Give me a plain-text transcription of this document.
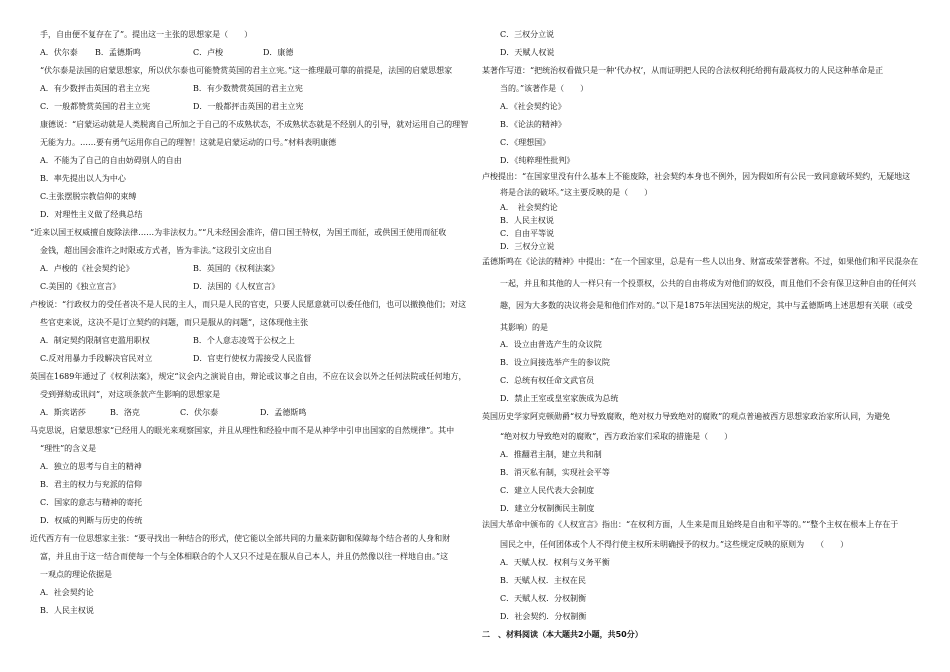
手，自由便不复存在了”。提出这一主张的思想家是（　　）
A．伏尔泰 B．孟德斯鸣	C．卢梭	D．康德
“伏尔泰是法国的启蒙思想家，所以伏尔泰也可能赞赏英国的君主立宪。”这一推理最可靠的前提是，法国的启蒙思想家
A．有少数抨击英国的君主立宪	B．有少数赞赏英国的君主立宪
C．一般都赞赏英国的君主立宪	D．一般都抨击英国的君主立宪
康德说：“启蒙运动就是人类脱离自己所加之于自己的不成熟状态，不成熟状态就是不经别人的引导，就对运用自己的理智
无能为力。……要有勇气运用你自己的理智！这就是启蒙运动的口号。”材料表明康德
A．不能为了自己的自由妨碍别人的自由
B．率先提出以人为中心
C.主张摆脱宗教信仰的束缚
D．对理性主义做了经典总结
“近来以国王权威擅自废除法律……为非法权力。”“凡未经国会准许，借口国王特权，为国王而征，或供国王使用而征收
金钱，超出国会准许之时限或方式者，皆为非法。”这段引文应出自
A．卢梭的《社会契约论》	B．英国的《权利法案》
C.美国的《独立宣言》	D．法国的《人权宣言》
卢梭说：“行政权力的受任者决不是人民的主人，而只是人民的官吏，只要人民愿意就可以委任他们，也可以撤换他们；对这
些官吏来说，这决不是订立契约的问题，而只是服从的问题”，这体现他主张
A．制定契约限制官吏滥用职权	B．个人意志凌驾于公权之上
C.反对用暴力手段解决官民对立	D．官吏行使权力需接受人民监督
英国在1689年通过了《权利法案》，规定“议会内之演说自由，辩论或议事之自由，不应在议会以外之任何法院或任何地方，
受到弹劾或讯问”，对这项条款产生影响的思想家是
A．斯宾诺莎	B．洛克	C．伏尔泰	D．孟德斯鸣
马克思说，启蒙思想家“已经用人的眼光来观察国家，并且从理性和经验中而不是从神学中引申出国家的自然规律”。其中
“理性”的含义是
A．独立的思考与自主的精神
B．君主的权力与兖派的信仰
C．国家的意志与精神的寄托
D．权威的判断与历史的传统
近代西方有一位思想家主张：“要寻找出一种结合的形式，使它能以全部共同的力量来防御和保障每个结合者的人身和财
富，并且由于这一结合而使每一个与全体相联合的个人又只不过是在服从自己本人，并且仍然像以往一样地自由。”这
一观点的理论依据是
A．社会契约论
B．人民主权说
C．三权分立说
D．天赋人权说
某著作写道：“把统治权看做只是一种‘代办权’，从而证明把人民的合法权利托给拥有最高权力的人民这种革命是正
当的。”该著作是（　　）
A．《社会契约论》
B．《论法的精神》
C．《理想国》
D．《纯粹理性批判》
卢梭提出：“在国家里没有什么基本上不能废除，社会契约本身也不例外，因为假如所有公民一致同意破坏契约，无疑地这
将是合法的破坏。”这主要反映的是（　　）
A．　社会契约论
B．人民主权说
C．自由平等说
D．三权分立说
孟德斯鸣在《论法的精神》中提出：“在一个国家里，总是有一些人以出身、财富或荣誉著称。不过，如果他们和平民混杂在
一起，并且和其他的人一样只有一个投票权，公共的自由将成为对他们的奴役，而且他们不会有保卫这种自由的任何兴
趣，因为大多数的决议将会是和他们作对的。”以下是1875年法国宪法的规定，其中与孟德斯鸣上述思想有关联（或受
其影响）的是
A．设立由普选产生的众议院
B．设立间接选举产生的参议院
C．总统有权任命文武官员
D．禁止王室或皇室家族成为总统
英国历史学家阿克顿勋爵“权力导致腐败，绝对权力导致绝对的腐败”的观点普遍被西方思想家政治家所认同，为避免
“绝对权力导致绝对的腐败”，西方政治家们采取的措施是（　　）
A．推翻君主制，建立共和制
B．消灭私有制，实现社会平等
C．建立人民代表大会制度
D．建立分权制衡民主制度
法国大革命中颁布的《人权宣言》指出：“在权利方面，人生来是而且始终是自由和平等的。”“整个主权在根本上存在于
国民之中，任何团体或个人不得行使主权所未明确授予的权力。”这些规定反映的原则为　　（　　）
A．天赋人权．权利与义务平衡
B．天赋人权．主权在民
C．天赋人权．分权制衡
D．社会契约．分权制衡
二　、材料阅读（本大题共2小题，共50分）
